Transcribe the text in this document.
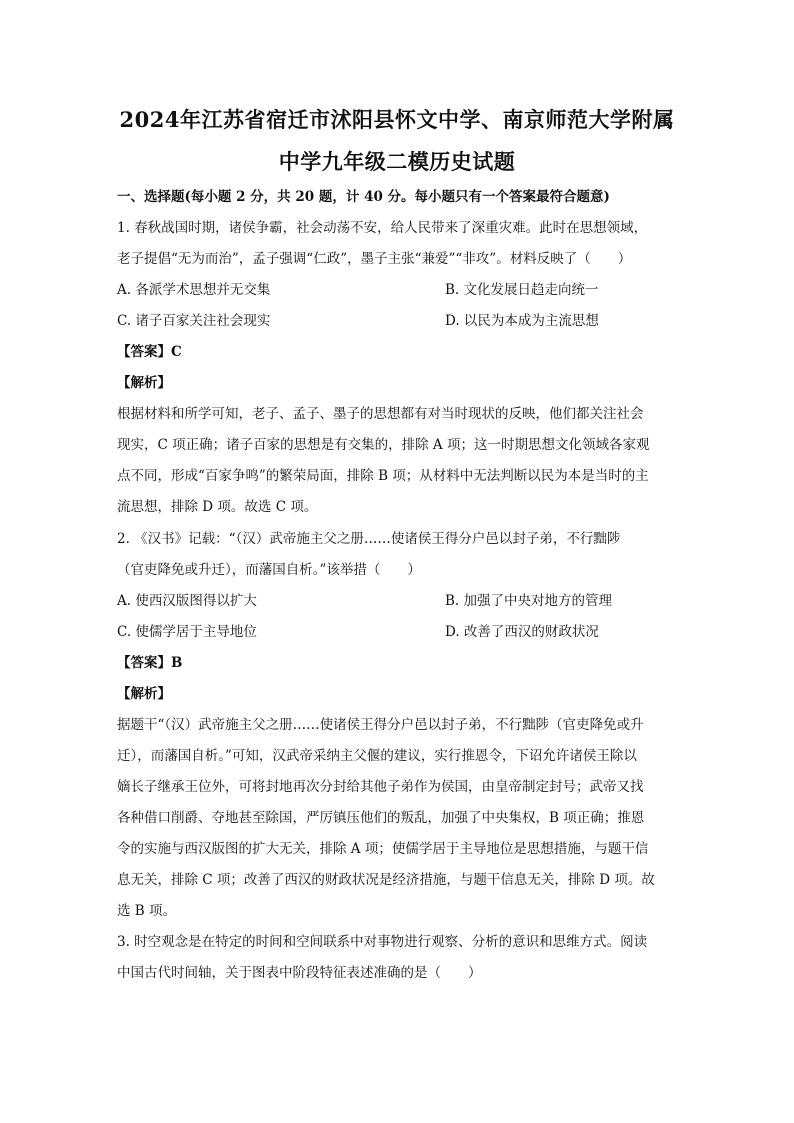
2024年江苏省宿迁市沭阳县怀文中学、南京师范大学附属
中学九年级二模历史试题
一、选择题(每小题 2 分，共 20 题，计 40 分。每小题只有一个答案最符合题意)
1. 春秋战国时期，诸侯争霸，社会动荡不安，给人民带来了深重灾难。此时在思想领域，
老子提倡“无为而治”，孟子强调“仁政”，墨子主张“兼爱”“非攻”。材料反映了（　　）
A. 各派学术思想并无交集	B. 文化发展日趋走向统一
C. 诸子百家关注社会现实	D. 以民为本成为主流思想
【答案】C
【解析】
根据材料和所学可知，老子、孟子、墨子的思想都有对当时现状的反映，他们都关注社会
现实，C 项正确；诸子百家的思想是有交集的，排除 A 项；这一时期思想文化领域各家观
点不同，形成“百家争鸣”的繁荣局面，排除 B 项；从材料中无法判断以民为本是当时的主
流思想，排除 D 项。故选 C 项。
2. 《汉书》记载：“（汉）武帝施主父之册……使诸侯王得分户邑以封子弟，不行黜陟
（官吏降免或升迁），而藩国自析。”该举措（　　）
A. 使西汉版图得以扩大	B. 加强了中央对地方的管理
C. 使儒学居于主导地位	D. 改善了西汉的财政状况
【答案】B
【解析】
据题干“（汉）武帝施主父之册……使诸侯王得分户邑以封子弟，不行黜陟（官吏降免或升
迁），而藩国自析。”可知，汉武帝采纳主父偃的建议，实行推恩令，下诏允许诸侯王除以
嫡长子继承王位外，可将封地再次分封给其他子弟作为侯国，由皇帝制定封号；武帝又找
各种借口削爵、夺地甚至除国，严厉镇压他们的叛乱，加强了中央集权，B 项正确；推恩
令的实施与西汉版图的扩大无关，排除 A 项；使儒学居于主导地位是思想措施，与题干信
息无关，排除 C 项；改善了西汉的财政状况是经济措施，与题干信息无关，排除 D 项。故
选 B 项。
3. 时空观念是在特定的时间和空间联系中对事物进行观察、分析的意识和思维方式。阅读
中国古代时间轴，关于图表中阶段特征表述准确的是（　　）
